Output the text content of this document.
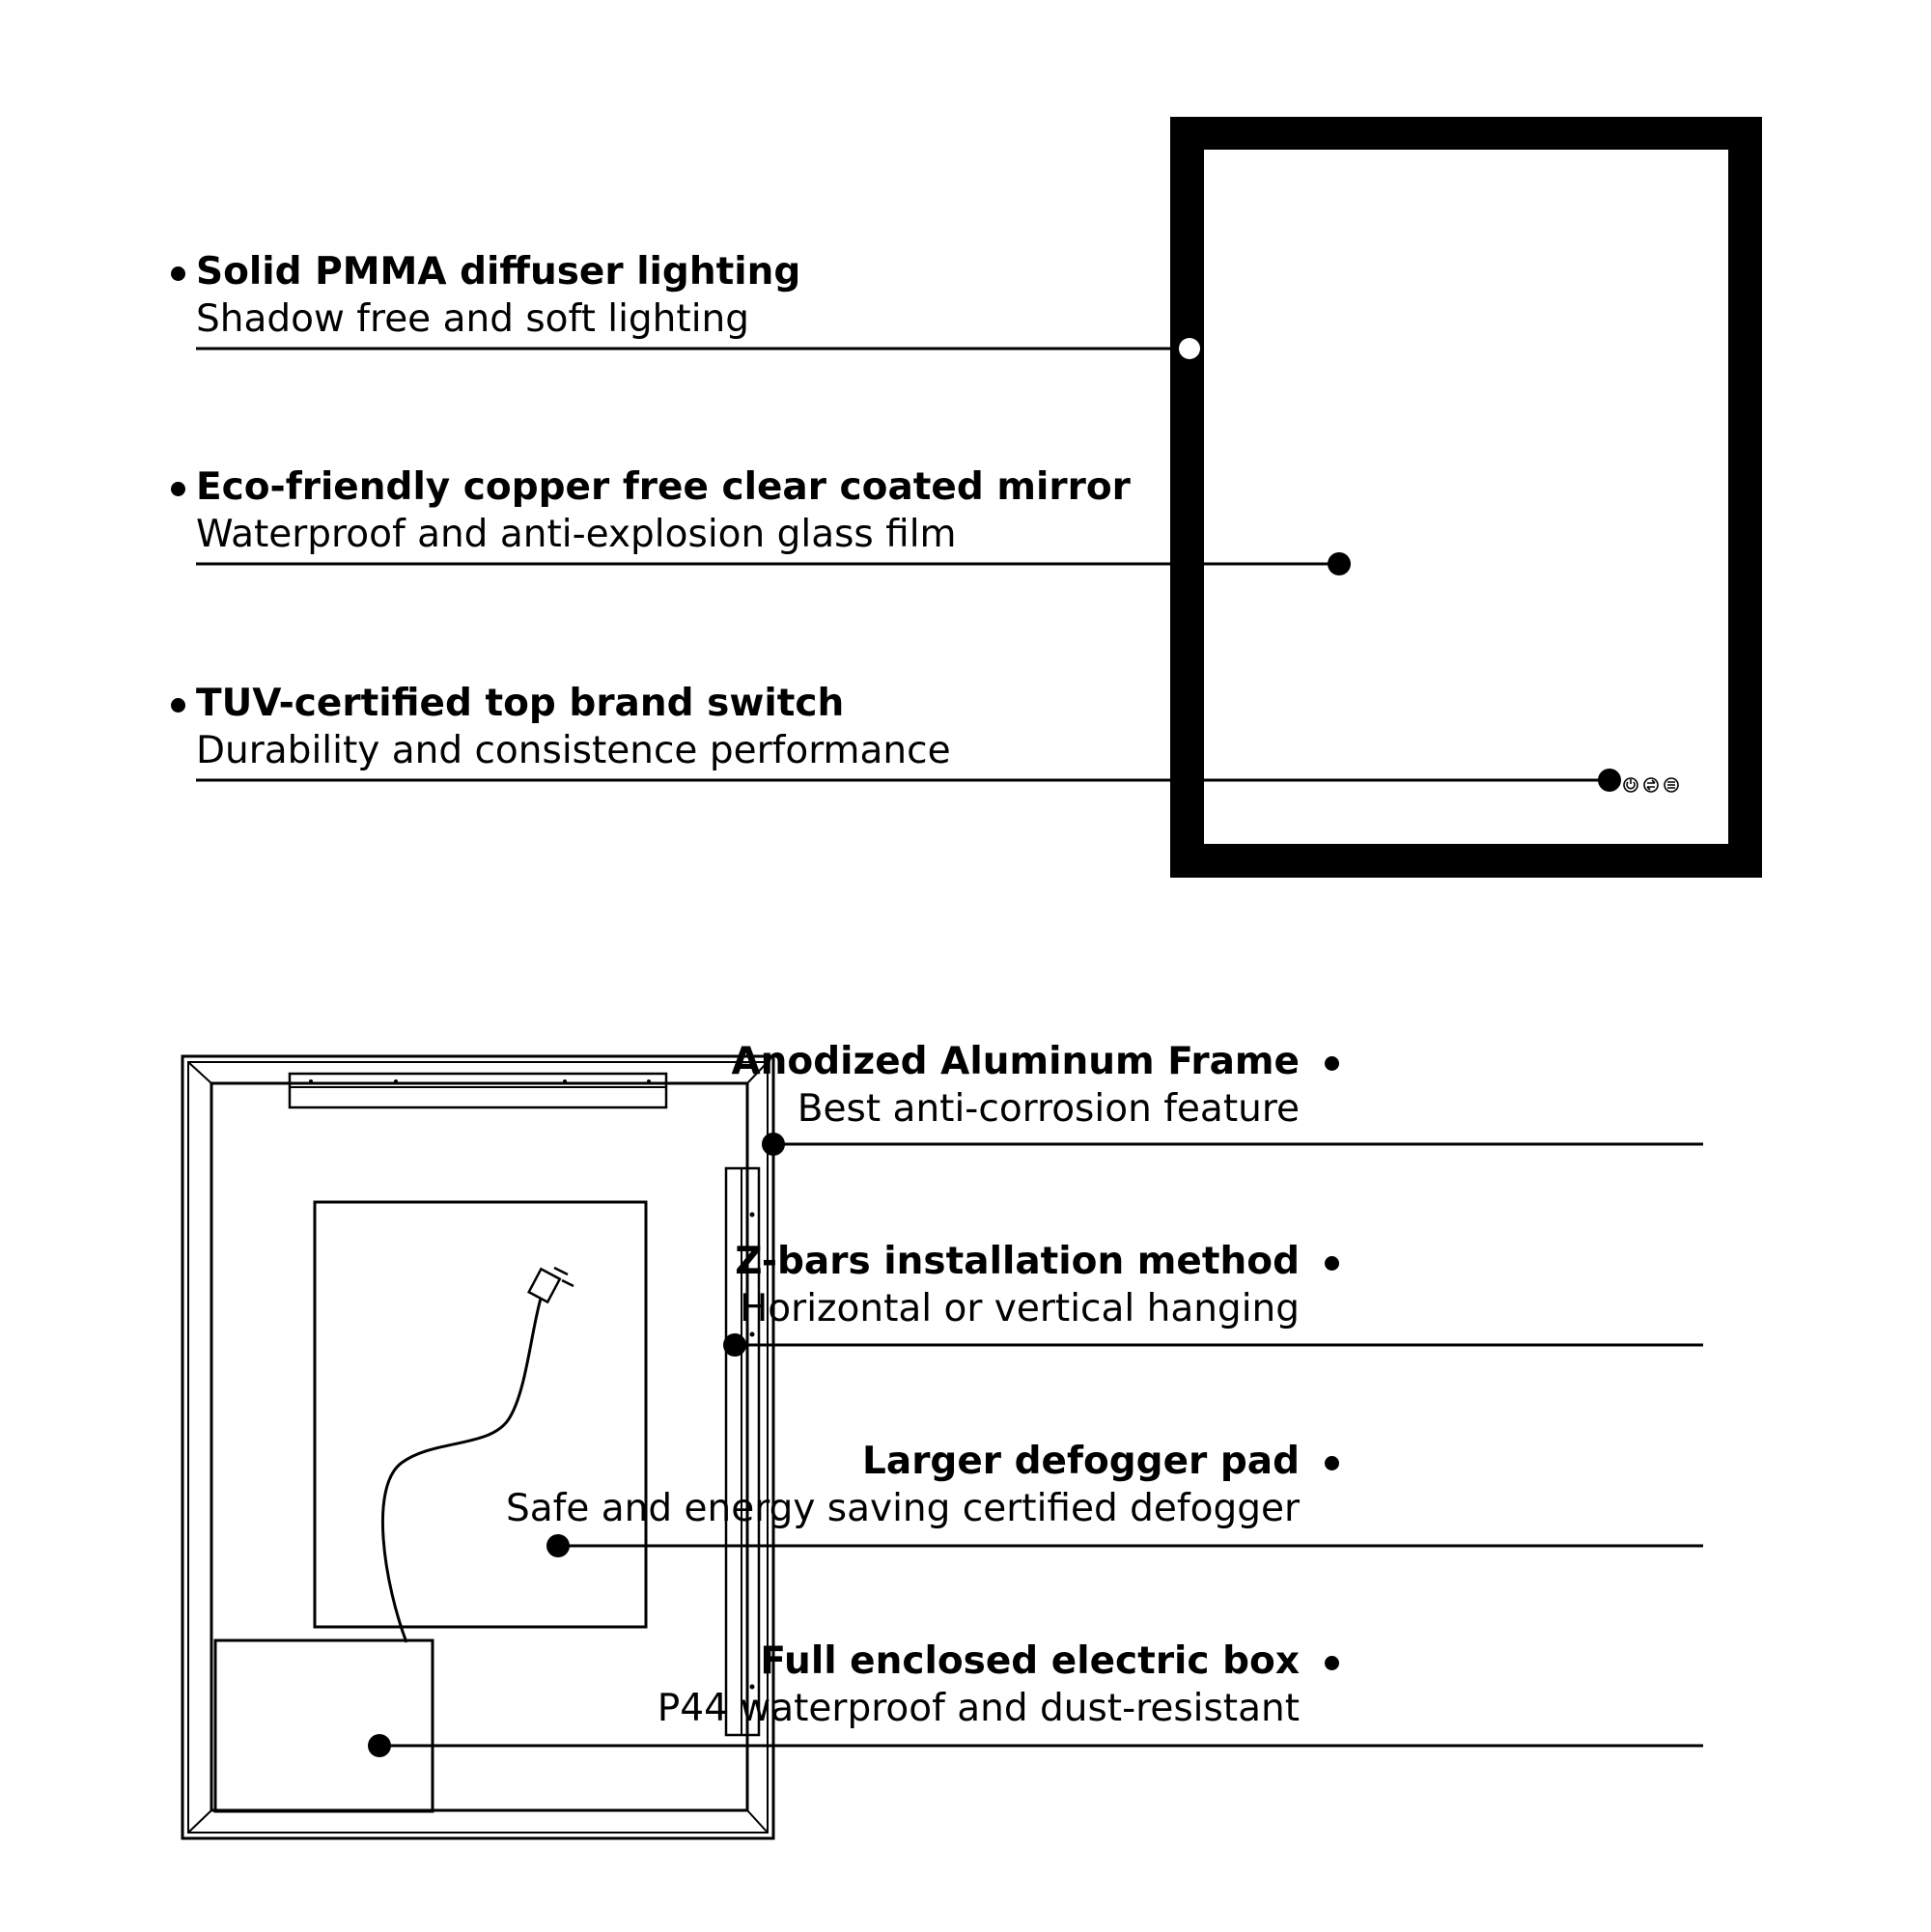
Solid PMMA diffuser lighting
Shadow free and soft lighting
Eco-friendly copper free clear coated mirror
Waterproof and anti-explosion glass film
TUV-certified top brand switch
Durability and consistence performance
Anodized Aluminum Frame
Best anti-corrosion feature
Z-bars installation method
Horizontal or vertical hanging
Larger defogger pad
Safe and energy saving certified defogger
Full enclosed electric box
P44 waterproof and dust-resistant
